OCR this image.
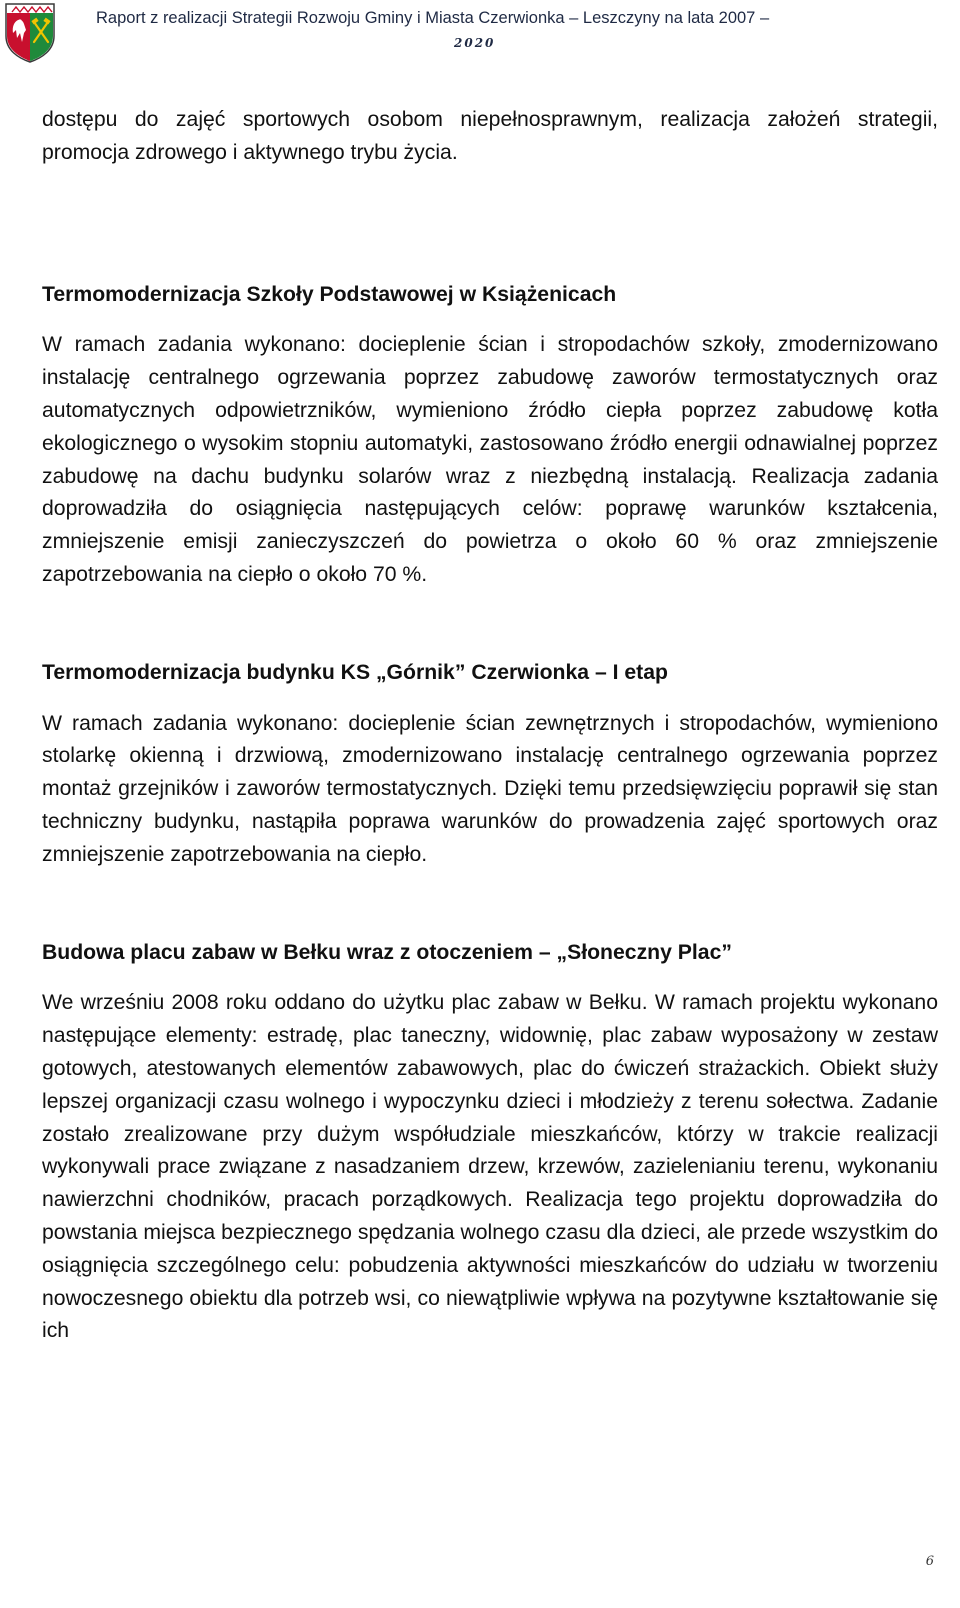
Raport z realizacji Strategii Rozwoju Gminy i Miasta Czerwionka – Leszczyny na lata 2007 –
2020

dostępu do zajęć sportowych osobom niepełnosprawnym, realizacja założeń strategii, promocja zdrowego i aktywnego trybu życia.

Termomodernizacja Szkoły Podstawowej w Książenicach

W ramach zadania wykonano: docieplenie ścian i stropodachów szkoły, zmodernizowano instalację centralnego ogrzewania poprzez zabudowę zaworów termostatycznych oraz automatycznych odpowietrzników, wymieniono źródło ciepła poprzez zabudowę kotła ekologicznego o wysokim stopniu automatyki, zastosowano źródło energii odnawialnej poprzez zabudowę na dachu budynku solarów wraz z niezbędną instalacją. Realizacja zadania doprowadziła do osiągnięcia następujących celów: poprawę warunków kształcenia, zmniejszenie emisji zanieczyszczeń do powietrza o około 60 % oraz zmniejszenie zapotrzebowania na ciepło o około 70 %.

Termomodernizacja budynku KS „Górnik” Czerwionka – I etap

W ramach zadania wykonano: docieplenie ścian zewnętrznych i stropodachów, wymieniono stolarkę okienną i drzwiową, zmodernizowano instalację centralnego ogrzewania poprzez montaż grzejników i zaworów termostatycznych. Dzięki temu przedsięwzięciu poprawił się stan techniczny budynku, nastąpiła poprawa warunków do prowadzenia zajęć sportowych oraz zmniejszenie zapotrzebowania na ciepło.

Budowa placu zabaw w Bełku wraz z otoczeniem – „Słoneczny Plac”

We wrześniu 2008 roku oddano do użytku plac zabaw w Bełku. W ramach projektu wykonano następujące elementy: estradę, plac taneczny, widownię, plac zabaw wyposażony w zestaw gotowych, atestowanych elementów zabawowych, plac do ćwiczeń strażackich. Obiekt służy lepszej organizacji czasu wolnego i wypoczynku dzieci i młodzieży z terenu sołectwa. Zadanie zostało zrealizowane przy dużym współudziale mieszkańców, którzy w trakcie realizacji wykonywali prace związane z nasadzaniem drzew, krzewów, zazielenianiu terenu, wykonaniu nawierzchni chodników, pracach porządkowych. Realizacja tego projektu doprowadziła do powstania miejsca bezpiecznego spędzania wolnego czasu dla dzieci, ale przede wszystkim do osiągnięcia szczególnego celu: pobudzenia aktywności mieszkańców do udziału w tworzeniu nowoczesnego obiektu dla potrzeb wsi, co niewątpliwie wpływa na pozytywne kształtowanie się ich

6
